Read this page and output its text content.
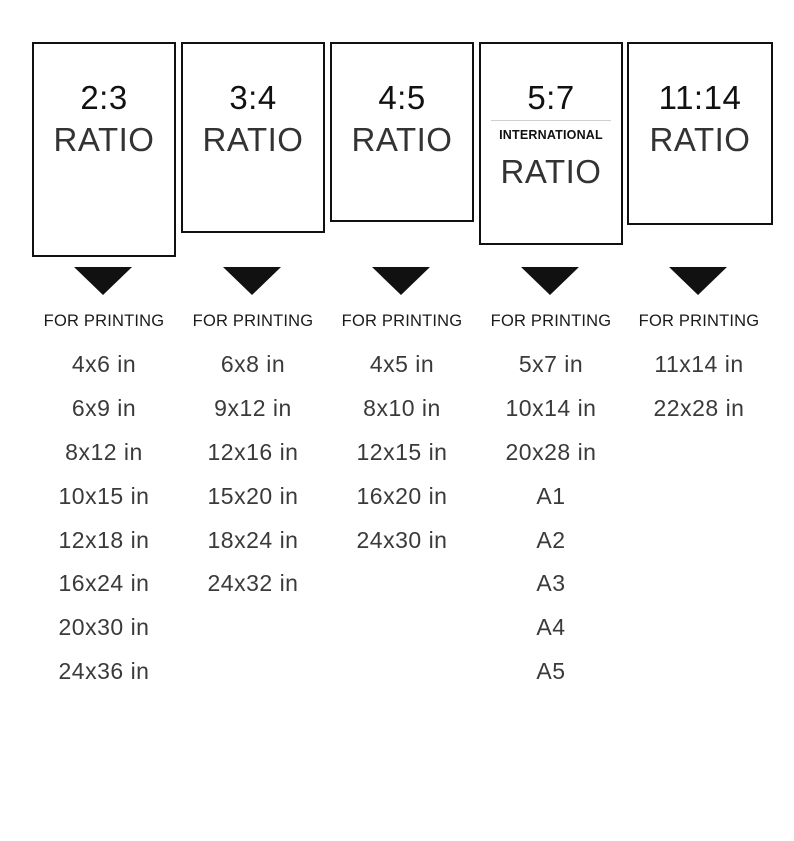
2:3
RATIO
FOR PRINTING
4x6 in
6x9 in
8x12 in
10x15 in
12x18 in
16x24 in
20x30 in
24x36 in
3:4
RATIO
FOR PRINTING
6x8 in
9x12 in
12x16 in
15x20 in
18x24 in
24x32 in
4:5
RATIO
FOR PRINTING
4x5 in
8x10 in
12x15 in
16x20 in
24x30 in
5:7
INTERNATIONAL
RATIO
FOR PRINTING
5x7 in
10x14 in
20x28 in
A1
A2
A3
A4
A5
11:14
RATIO
FOR PRINTING
11x14 in
22x28 in
